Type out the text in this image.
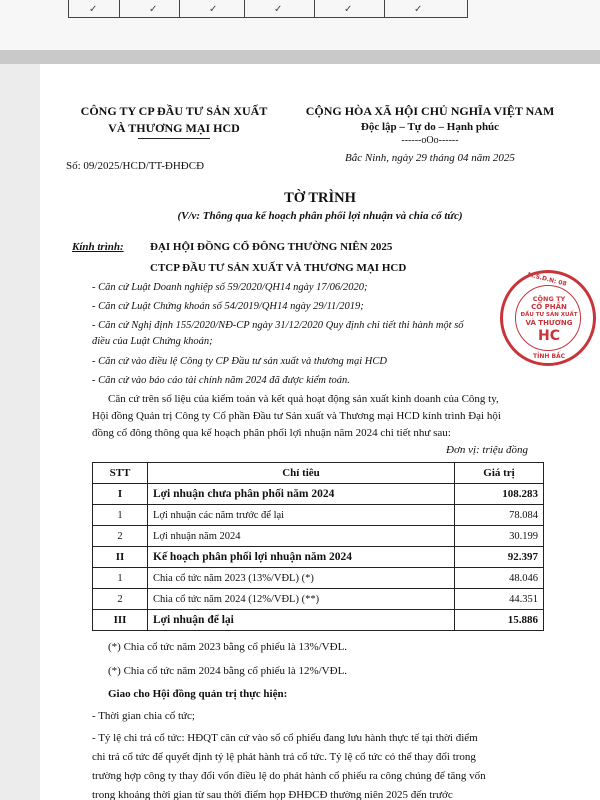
✓	✓	✓	✓	✓	✓
CÔNG TY CP ĐẦU TƯ SẢN XUẤT
VÀ THƯƠNG MẠI HCD
Số: 09/2025/HCD/TT-ĐHĐCĐ
CỘNG HÒA XÃ HỘI CHỦ NGHĨA VIỆT NAM
Độc lập – Tự do – Hạnh phúc
------oOo------
Bắc Ninh, ngày 29 tháng 04 năm 2025
TỜ TRÌNH
(V/v: Thông qua kế hoạch phân phối lợi nhuận và chia cổ tức)
Kính trình: ĐẠI HỘI ĐỒNG CỔ ĐÔNG THƯỜNG NIÊN 2025
CTCP ĐẦU TƯ SẢN XUẤT VÀ THƯƠNG MẠI HCD
- Căn cứ Luật Doanh nghiệp số 59/2020/QH14 ngày 17/06/2020;
- Căn cứ Luật Chứng khoán số 54/2019/QH14 ngày 29/11/2019;
- Căn cứ Nghị định 155/2020/NĐ-CP ngày 31/12/2020 Quy định chi tiết thi hành một số
điều của Luật Chứng khoán;
- Căn cứ vào điều lệ Công ty CP Đầu tư sản xuất và thương mại HCD
- Căn cứ vào báo cáo tài chính năm 2024 đã được kiểm toán.
Căn cứ trên số liệu của kiểm toán và kết quả hoạt động sản xuất kinh doanh của Công ty,
Hội đồng Quản trị Công ty Cổ phần Đầu tư Sản xuất và Thương mại HCD kính trình Đại hội
đồng cổ đông thông qua kế hoạch phân phối lợi nhuận năm 2024 chi tiết như sau:
Đơn vị: triệu đồng
STT	Chỉ tiêu	Giá trị
I	Lợi nhuận chưa phân phối năm 2024	108.283
1	Lợi nhuận các năm trước để lại	78.084
2	Lợi nhuận năm 2024	30.199
II	Kế hoạch phân phối lợi nhuận năm 2024	92.397
1	Chia cổ tức năm 2023 (13%/VĐL) (*)	48.046
2	Chia cổ tức năm 2024 (12%/VĐL) (**)	44.351
III	Lợi nhuận để lại	15.886
(*) Chia cổ tức năm 2023 bằng cổ phiếu là 13%/VĐL.
(*) Chia cổ tức năm 2024 bằng cổ phiếu là 12%/VĐL.
Giao cho Hội đồng quản trị thực hiện:
- Thời gian chia cổ tức;
- Tỷ lệ chi trả cổ tức: HĐQT căn cứ vào số cổ phiếu đang lưu hành thực tế tại thời điểm
chi trả cổ tức để quyết định tỷ lệ phát hành trả cổ tức. Tỷ lệ cổ tức có thể thay đổi trong
trường hợp công ty thay đổi vốn điều lệ do phát hành cổ phiếu ra công chúng để tăng vốn
trong khoảng thời gian từ sau thời điểm họp ĐHĐCĐ thường niên 2025 đến trước
M.S.D.N: 08
CÔNG TY
CỔ PHẦN
ĐẦU TƯ SẢN XUẤT
VÀ THƯƠNG
HC
TỈNH BẮC
